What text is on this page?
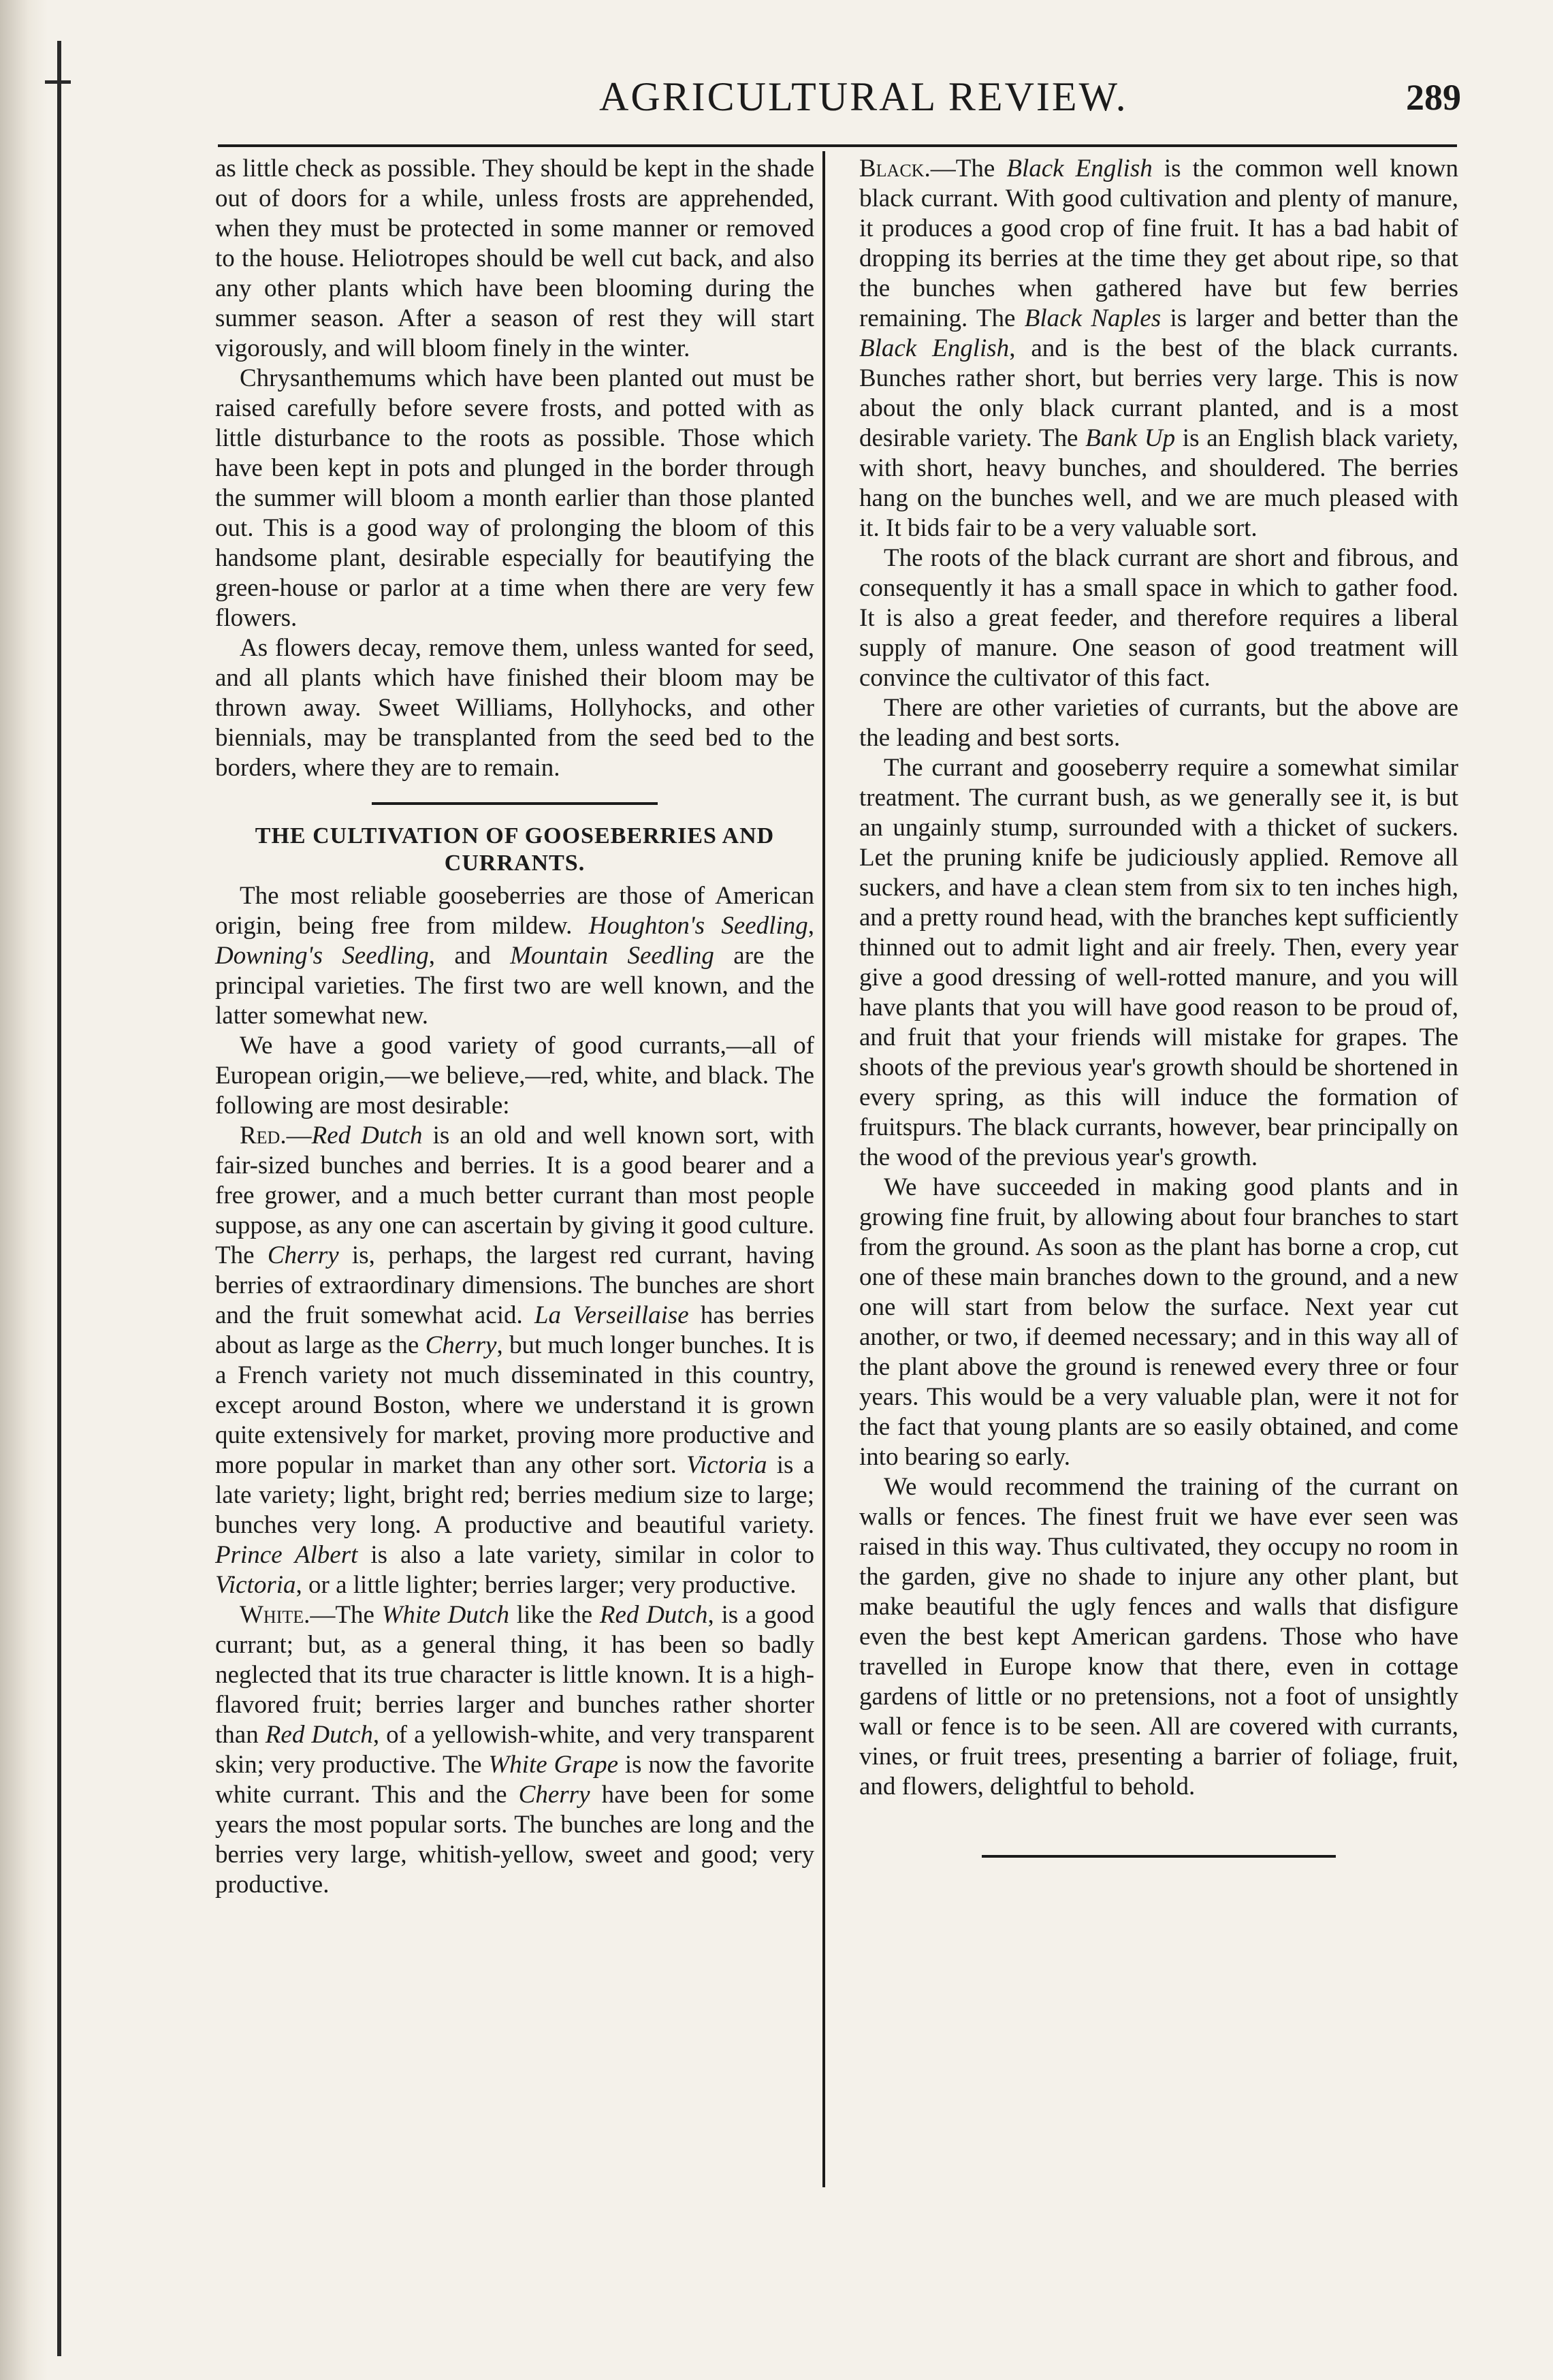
AGRICULTURAL REVIEW.	289

as little check as possible. They should be kept in the shade out of doors for a while, unless frosts are apprehended, when they must be protected in some manner or removed to the house. Heliotropes should be well cut back, and also any other plants which have been blooming during the summer season. After a season of rest they will start vigorously, and will bloom finely in the winter.

Chrysanthemums which have been planted out must be raised carefully before severe frosts, and potted with as little disturbance to the roots as possible. Those which have been kept in pots and plunged in the border through the summer will bloom a month earlier than those planted out. This is a good way of prolonging the bloom of this handsome plant, desirable especially for beautifying the green-house or parlor at a time when there are very few flowers.

As flowers decay, remove them, unless wanted for seed, and all plants which have finished their bloom may be thrown away. Sweet Williams, Hollyhocks, and other biennials, may be transplanted from the seed bed to the borders, where they are to remain.

THE CULTIVATION OF GOOSEBERRIES AND
CURRANTS.

The most reliable gooseberries are those of American origin, being free from mildew. Houghton's Seedling, Downing's Seedling, and Mountain Seedling are the principal varieties. The first two are well known, and the latter somewhat new.

We have a good variety of good currants,—all of European origin,—we believe,—red, white, and black. The following are most desirable:

Red.—Red Dutch is an old and well known sort, with fair-sized bunches and berries. It is a good bearer and a free grower, and a much better currant than most people suppose, as any one can ascertain by giving it good culture. The Cherry is, perhaps, the largest red currant, having berries of extraordinary dimensions. The bunches are short and the fruit somewhat acid. La Verseillaise has berries about as large as the Cherry, but much longer bunches. It is a French variety not much disseminated in this country, except around Boston, where we understand it is grown quite extensively for market, proving more productive and more popular in market than any other sort. Victoria is a late variety; light, bright red; berries medium size to large; bunches very long. A productive and beautiful variety. Prince Albert is also a late variety, similar in color to Victoria, or a little lighter; berries larger; very productive.

White.—The White Dutch like the Red Dutch, is a good currant; but, as a general thing, it has been so badly neglected that its true character is little known. It is a high-flavored fruit; berries larger and bunches rather shorter than Red Dutch, of a yellowish-white, and very transparent skin; very productive. The White Grape is now the favorite white currant. This and the Cherry have been for some years the most popular sorts. The bunches are long and the berries very large, whitish-yellow, sweet and good; very productive.

Black.—The Black English is the common well known black currant. With good cultivation and plenty of manure, it produces a good crop of fine fruit. It has a bad habit of dropping its berries at the time they get about ripe, so that the bunches when gathered have but few berries remaining. The Black Naples is larger and better than the Black English, and is the best of the black currants. Bunches rather short, but berries very large. This is now about the only black currant planted, and is a most desirable variety. The Bank Up is an English black variety, with short, heavy bunches, and shouldered. The berries hang on the bunches well, and we are much pleased with it. It bids fair to be a very valuable sort.

The roots of the black currant are short and fibrous, and consequently it has a small space in which to gather food. It is also a great feeder, and therefore requires a liberal supply of manure. One season of good treatment will convince the cultivator of this fact.

There are other varieties of currants, but the above are the leading and best sorts.

The currant and gooseberry require a somewhat similar treatment. The currant bush, as we generally see it, is but an ungainly stump, surrounded with a thicket of suckers. Let the pruning knife be judiciously applied. Remove all suckers, and have a clean stem from six to ten inches high, and a pretty round head, with the branches kept sufficiently thinned out to admit light and air freely. Then, every year give a good dressing of well-rotted manure, and you will have plants that you will have good reason to be proud of, and fruit that your friends will mistake for grapes. The shoots of the previous year's growth should be shortened in every spring, as this will induce the formation of fruitspurs. The black currants, however, bear principally on the wood of the previous year's growth.

We have succeeded in making good plants and in growing fine fruit, by allowing about four branches to start from the ground. As soon as the plant has borne a crop, cut one of these main branches down to the ground, and a new one will start from below the surface. Next year cut another, or two, if deemed necessary; and in this way all of the plant above the ground is renewed every three or four years. This would be a very valuable plan, were it not for the fact that young plants are so easily obtained, and come into bearing so early.

We would recommend the training of the currant on walls or fences. The finest fruit we have ever seen was raised in this way. Thus cultivated, they occupy no room in the garden, give no shade to injure any other plant, but make beautiful the ugly fences and walls that disfigure even the best kept American gardens. Those who have travelled in Europe know that there, even in cottage gardens of little or no pretensions, not a foot of unsightly wall or fence is to be seen. All are covered with currants, vines, or fruit trees, presenting a barrier of foliage, fruit, and flowers, delightful to behold.
